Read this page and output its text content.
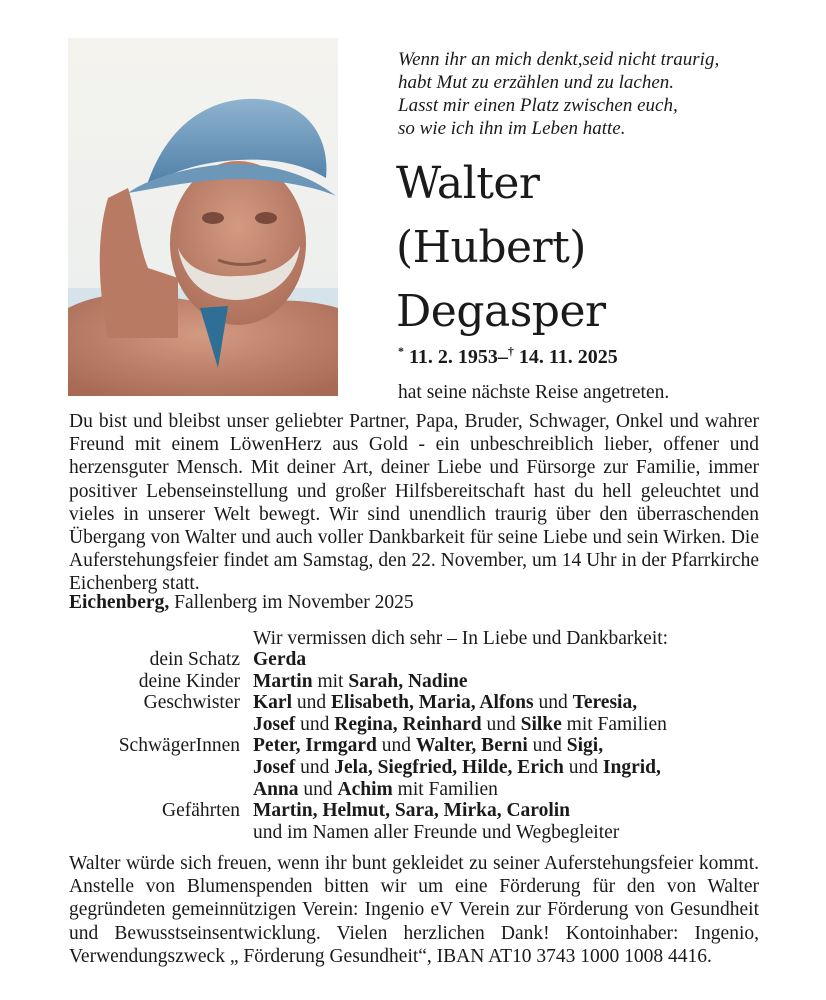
Wenn ihr an mich denkt,seid nicht traurig,
habt Mut zu erzählen und zu lachen.
Lasst mir einen Platz zwischen euch,
so wie ich ihn im Leben hatte.
Walter
(Hubert)
Degasper
* 11. 2. 1953–† 14. 11. 2025
hat seine nächste Reise angetreten.
Du bist und bleibst unser geliebter Partner, Papa, Bruder, Schwager, Onkel und wahrer Freund mit einem LöwenHerz aus Gold - ein unbeschreiblich lieber, offener und herzensguter Mensch. Mit deiner Art, deiner Liebe und Fürsorge zur Familie, immer positiver Lebenseinstellung und großer Hilfsbereitschaft hast du hell geleuchtet und vieles in unserer Welt bewegt. Wir sind unendlich traurig über den überraschenden Übergang von Walter und auch voller Dankbarkeit für seine Liebe und sein Wirken. Die Auferstehungsfeier findet am Samstag, den 22. November, um 14 Uhr in der Pfarrkirche Eichenberg statt.
Eichenberg, Fallenberg im November 2025
Wir vermissen dich sehr – In Liebe und Dankbarkeit:
dein Schatz Gerda
deine Kinder Martin mit Sarah, Nadine
Geschwister Karl und Elisabeth, Maria, Alfons und Teresia,
Josef und Regina, Reinhard und Silke mit Familien
SchwägerInnen Peter, Irmgard und Walter, Berni und Sigi,
Josef und Jela, Siegfried, Hilde, Erich und Ingrid,
Anna und Achim mit Familien
Gefährten Martin, Helmut, Sara, Mirka, Carolin
und im Namen aller Freunde und Wegbegleiter
Walter würde sich freuen, wenn ihr bunt gekleidet zu seiner Auferstehungsfeier kommt. Anstelle von Blumenspenden bitten wir um eine Förderung für den von Walter gegründeten gemeinnützigen Verein: Ingenio eV Verein zur Förderung von Gesundheit und Bewusstseinsentwicklung. Vielen herzlichen Dank! Kontoinhaber: Ingenio, Verwendungszweck „ Förderung Gesundheit“, IBAN AT10 3743 1000 1008 4416.
